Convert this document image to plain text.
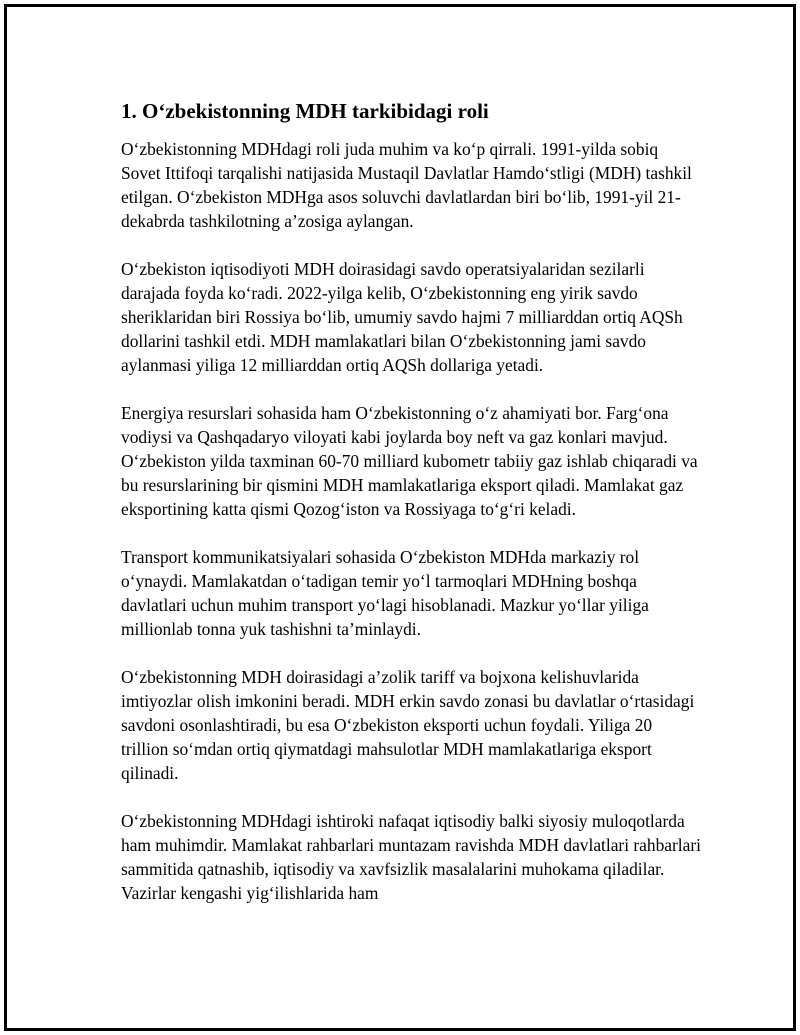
1. O‘zbekistonning MDH tarkibidagi roli

O‘zbekistonning MDHdagi roli juda muhim va ko‘p qirrali. 1991-yilda sobiq Sovet Ittifoqi tarqalishi natijasida Mustaqil Davlatlar Hamdo‘stligi (MDH) tashkil etilgan. O‘zbekiston MDHga asos soluvchi davlatlardan biri bo‘lib, 1991-yil 21-dekabrda tashkilotning a’zosiga aylangan.

O‘zbekiston iqtisodiyoti MDH doirasidagi savdo operatsiyalaridan sezilarli darajada foyda ko‘radi. 2022-yilga kelib, O‘zbekistonning eng yirik savdo sheriklaridan biri Rossiya bo‘lib, umumiy savdo hajmi 7 milliarddan ortiq AQSh dollarini tashkil etdi. MDH mamlakatlari bilan O‘zbekistonning jami savdo aylanmasi yiliga 12 milliarddan ortiq AQSh dollariga yetadi.

Energiya resurslari sohasida ham O‘zbekistonning o‘z ahamiyati bor. Farg‘ona vodiysi va Qashqadaryo viloyati kabi joylarda boy neft va gaz konlari mavjud. O‘zbekiston yilda taxminan 60-70 milliard kubometr tabiiy gaz ishlab chiqaradi va bu resurslarining bir qismini MDH mamlakatlariga eksport qiladi. Mamlakat gaz eksportining katta qismi Qozog‘iston va Rossiyaga to‘g‘ri keladi.

Transport kommunikatsiyalari sohasida O‘zbekiston MDHda markaziy rol o‘ynaydi. Mamlakatdan o‘tadigan temir yo‘l tarmoqlari MDHning boshqa davlatlari uchun muhim transport yo‘lagi hisoblanadi. Mazkur yo‘llar yiliga millionlab tonna yuk tashishni ta’minlaydi.

O‘zbekistonning MDH doirasidagi a’zolik tariff va bojxona kelishuvlarida imtiyozlar olish imkonini beradi. MDH erkin savdo zonasi bu davlatlar o‘rtasidagi savdoni osonlashtiradi, bu esa O‘zbekiston eksporti uchun foydali. Yiliga 20 trillion so‘mdan ortiq qiymatdagi mahsulotlar MDH mamlakatlariga eksport qilinadi.

O‘zbekistonning MDHdagi ishtiroki nafaqat iqtisodiy balki siyosiy muloqotlarda ham muhimdir. Mamlakat rahbarlari muntazam ravishda MDH davlatlari rahbarlari sammitida qatnashib, iqtisodiy va xavfsizlik masalalarini muhokama qiladilar. Vazirlar kengashi yig‘ilishlarida ham
